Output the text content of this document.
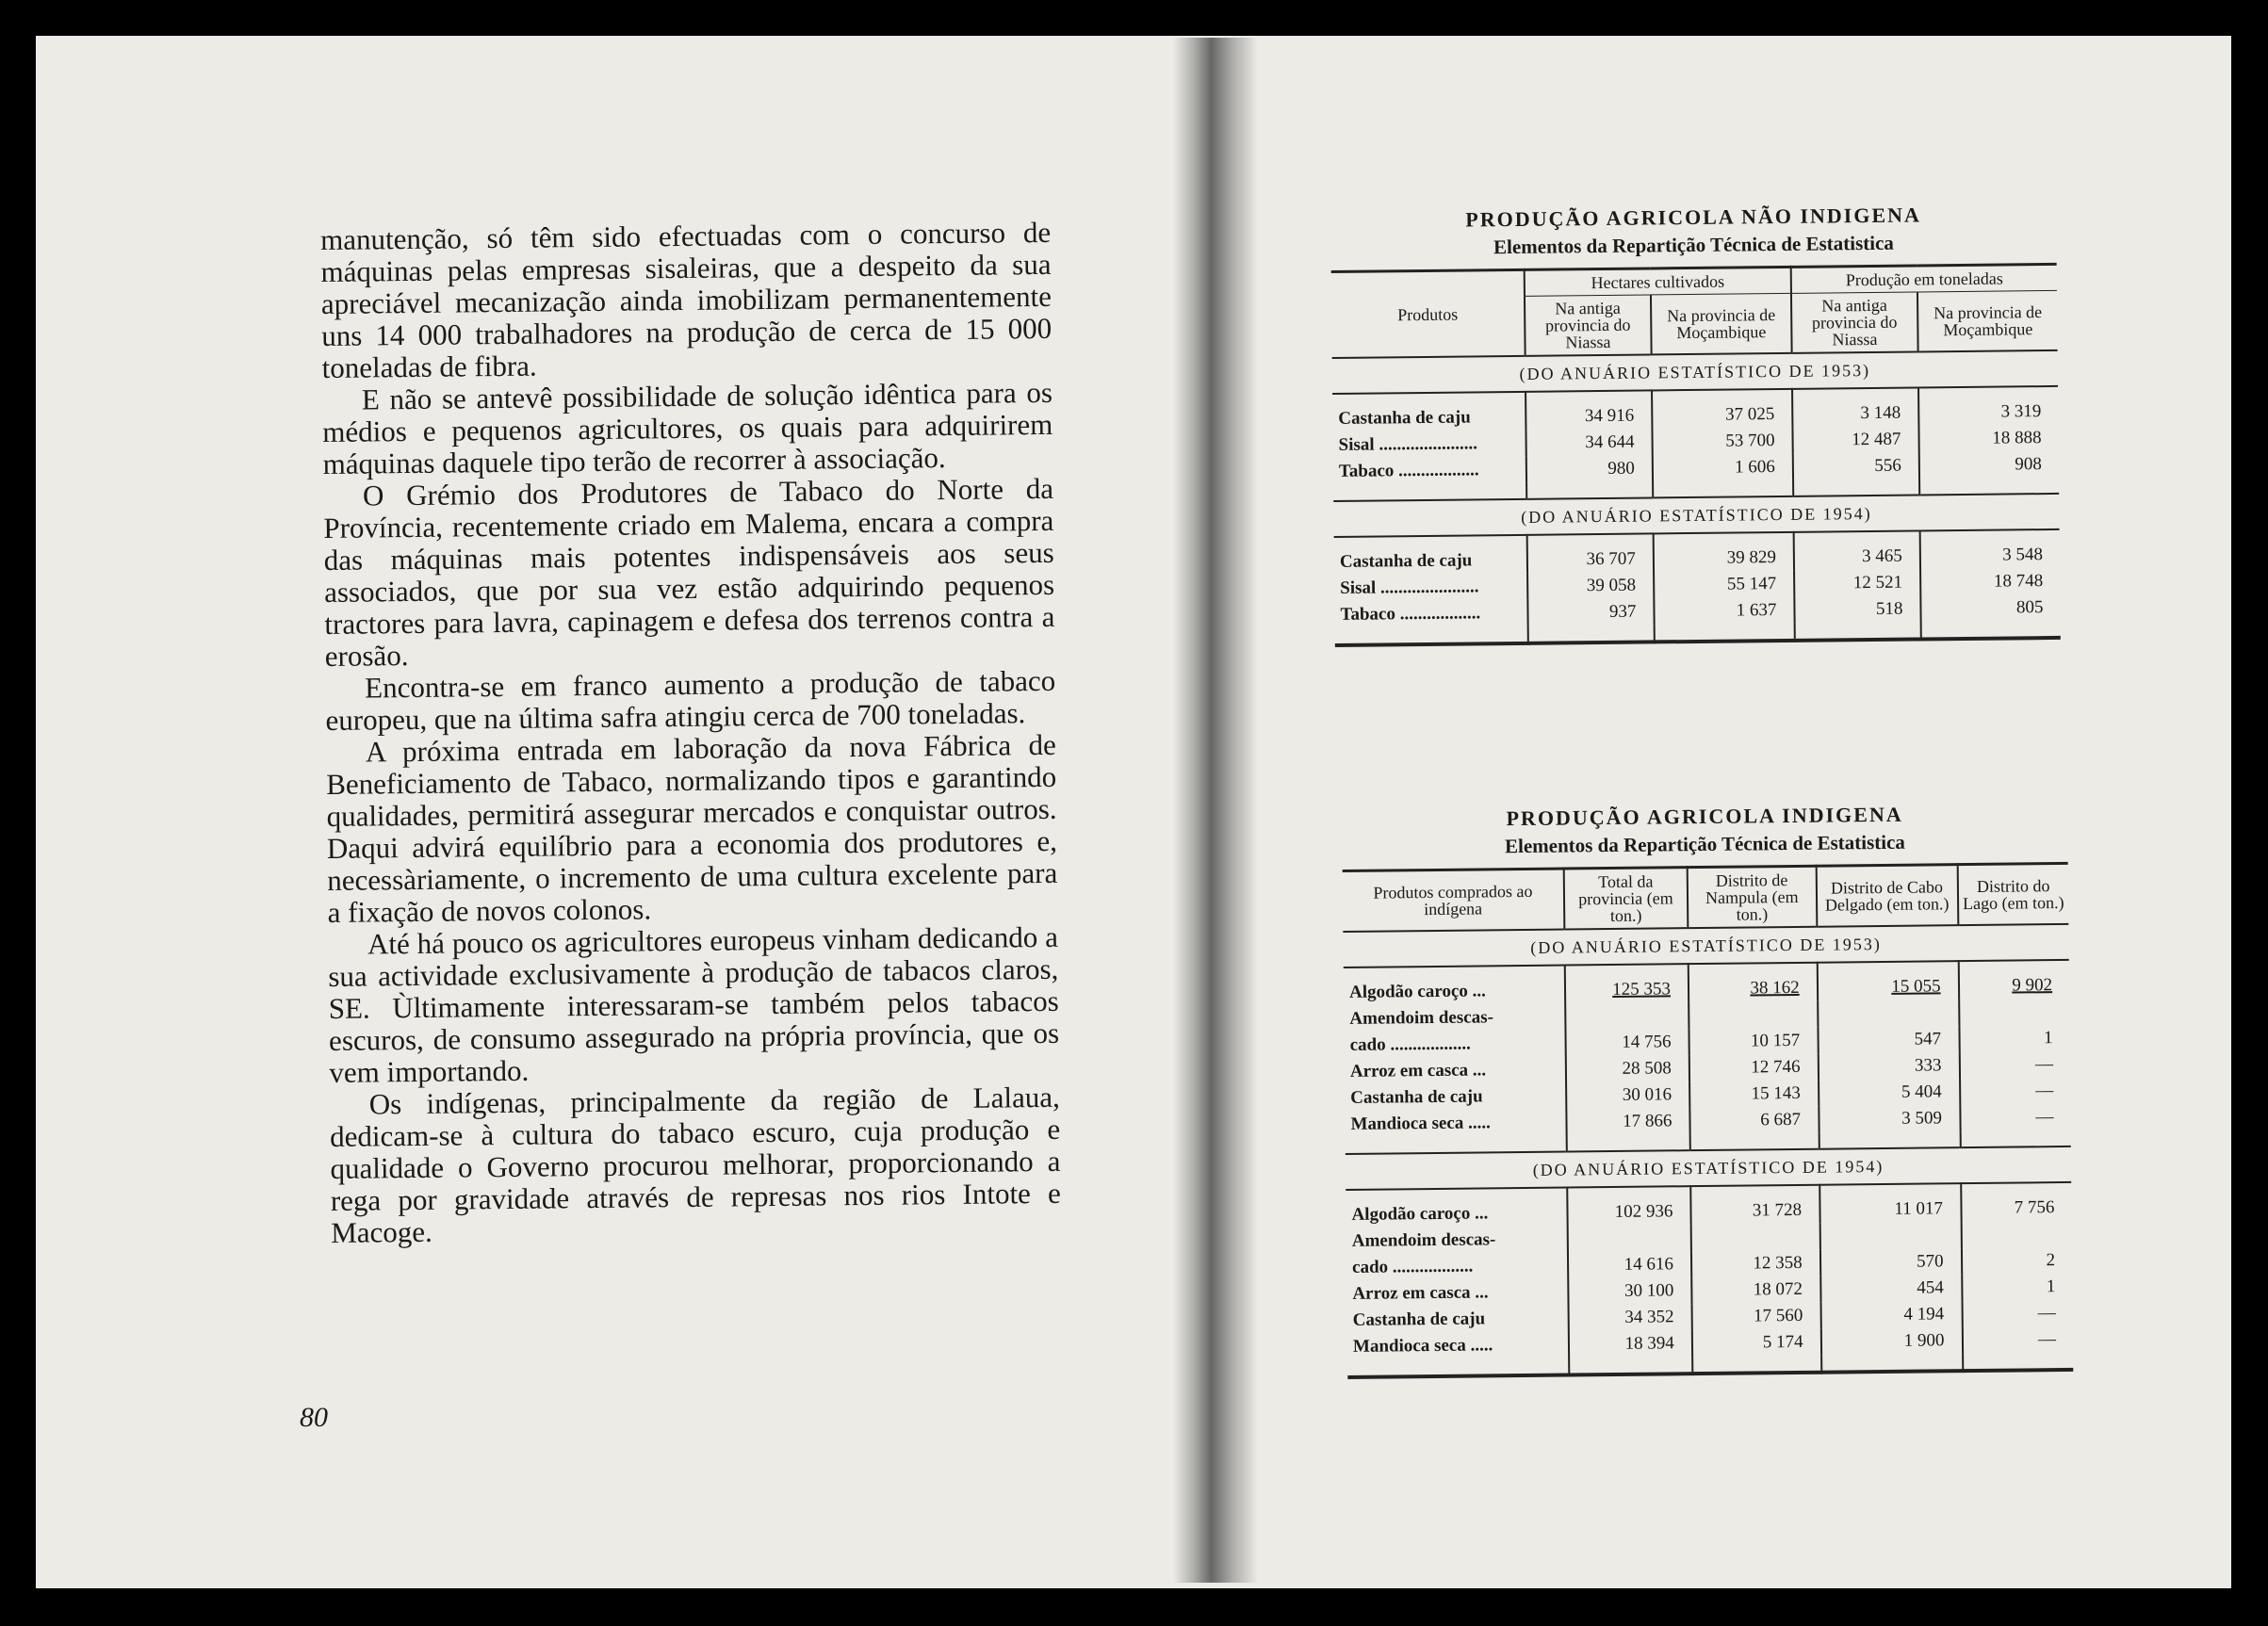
manutenção, só têm sido efectuadas com o concurso de máquinas pelas empresas sisaleiras, que a despeito da sua apreciável mecanização ainda imobilizam permanentemente uns 14 000 trabalhadores na produção de cerca de 15 000 toneladas de fibra.

E não se antevê possibilidade de solução idêntica para os médios e pequenos agricultores, os quais para adquirirem máquinas daquele tipo terão de recorrer à associação.

O Grémio dos Produtores de Tabaco do Norte da Província, recentemente criado em Malema, encara a compra das máquinas mais potentes indispensáveis aos seus associados, que por sua vez estão adquirindo pequenos tractores para lavra, capinagem e defesa dos terrenos contra a erosão.

Encontra-se em franco aumento a produção de tabaco europeu, que na última safra atingiu cerca de 700 toneladas.

A próxima entrada em laboração da nova Fábrica de Beneficiamento de Tabaco, normalizando tipos e garantindo qualidades, permitirá assegurar mercados e conquistar outros. Daqui advirá equilíbrio para a economia dos produtores e, necessàriamente, o incremento de uma cultura excelente para a fixação de novos colonos.

Até há pouco os agricultores europeus vinham dedicando a sua actividade exclusivamente à produção de tabacos claros, SE. Ùltimamente interessaram-se também pelos tabacos escuros, de consumo assegurado na própria província, que os vem importando.

Os indígenas, principalmente da região de Lalaua, dedicam-se à cultura do tabaco escuro, cuja produção e qualidade o Governo procurou melhorar, proporcionando a rega por gravidade através de represas nos rios Intote e Macoge.

80
PRODUÇÃO AGRICOLA NÃO INDIGENA
Elementos da Repartição Técnica de Estatistica
Produtos	Hectares cultivados		Produção em toneladas	
	Na antiga provincia do Niassa	Na provincia de Moçambique	Na antiga provincia do Niassa	Na provincia de Moçambique
(DO ANUÁRIO ESTATÍSTICO DE 1953)				
Castanha de caju	34 916	37 025	3 148	3 319
Sisal ......................	34 644	53 700	12 487	18 888
Tabaco ..................	980	1 606	556	908

(DO ANUÁRIO ESTATÍSTICO DE 1954)				
Castanha de caju	36 707	39 829	3 465	3 548
Sisal ......................	39 058	55 147	12 521	18 748
Tabaco ..................	937	1 637	518	805

PRODUÇÃO AGRICOLA INDIGENA
Elementos da Repartição Técnica de Estatistica
Produtos comprados ao indígena	Total da provincia (em ton.)	Distrito de Nampula (em ton.)	Distrito de Cabo Delgado (em ton.)	Distrito do Lago (em ton.)
(DO ANUÁRIO ESTATÍSTICO DE 1953)				
Algodão caroço ...	125 353	38 162	15 055	9 902
Amendoim descas-				
cado ..................	14 756	10 157	547	1
Arroz em casca ...	28 508	12 746	333	—
Castanha de caju	30 016	15 143	5 404	—
Mandioca seca .....	17 866	6 687	3 509	—

(DO ANUÁRIO ESTATÍSTICO DE 1954)				
Algodão caroço ...	102 936	31 728	11 017	7 756
Amendoim descas-				
cado ..................	14 616	12 358	570	2
Arroz em casca ...	30 100	18 072	454	1
Castanha de caju	34 352	17 560	4 194	—
Mandioca seca .....	18 394	5 174	1 900	—
